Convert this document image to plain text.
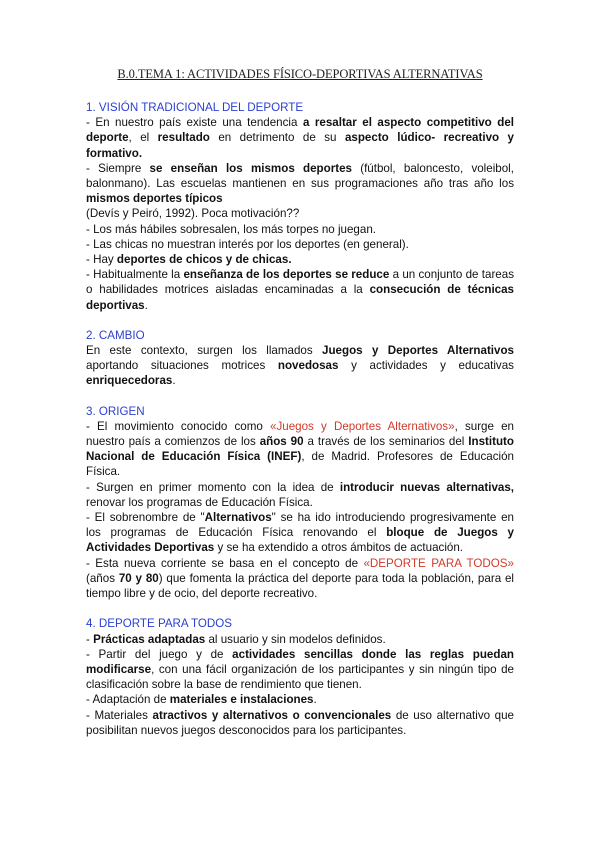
B.0.TEMA 1: ACTIVIDADES FÍSICO-DEPORTIVAS ALTERNATIVAS
1. VISIÓN TRADICIONAL DEL DEPORTE
- En nuestro país existe una tendencia a resaltar el aspecto competitivo del deporte, el resultado en detrimento de su aspecto lúdico- recreativo y formativo.
- Siempre se enseñan los mismos deportes (fútbol, baloncesto, voleibol, balonmano). Las escuelas mantienen en sus programaciones año tras año los mismos deportes típicos
(Devís y Peiró, 1992). Poca motivación??
- Los más hábiles sobresalen, los más torpes no juegan.
- Las chicas no muestran interés por los deportes (en general).
- Hay deportes de chicos y de chicas.
- Habitualmente la enseñanza de los deportes se reduce a un conjunto de tareas o habilidades motrices aisladas encaminadas a la consecución de técnicas deportivas.
2. CAMBIO
En este contexto, surgen los llamados Juegos y Deportes Alternativos aportando situaciones motrices novedosas y actividades y educativas enriquecedoras.
3. ORIGEN
- El movimiento conocido como «Juegos y Deportes Alternativos», surge en nuestro país a comienzos de los años 90 a través de los seminarios del Instituto Nacional de Educación Física (INEF), de Madrid. Profesores de Educación Física.
- Surgen en primer momento con la idea de introducir nuevas alternativas, renovar los programas de Educación Física.
- El sobrenombre de "Alternativos" se ha ido introduciendo progresivamente en los programas de Educación Física renovando el bloque de Juegos y Actividades Deportivas y se ha extendido a otros ámbitos de actuación.
- Esta nueva corriente se basa en el concepto de «DEPORTE PARA TODOS» (años 70 y 80) que fomenta la práctica del deporte para toda la población, para el tiempo libre y de ocio, del deporte recreativo.
4. DEPORTE PARA TODOS
- Prácticas adaptadas al usuario y sin modelos definidos.
- Partir del juego y de actividades sencillas donde las reglas puedan modificarse, con una fácil organización de los participantes y sin ningún tipo de clasificación sobre la base de rendimiento que tienen.
- Adaptación de materiales e instalaciones.
- Materiales atractivos y alternativos o convencionales de uso alternativo que posibilitan nuevos juegos desconocidos para los participantes.
